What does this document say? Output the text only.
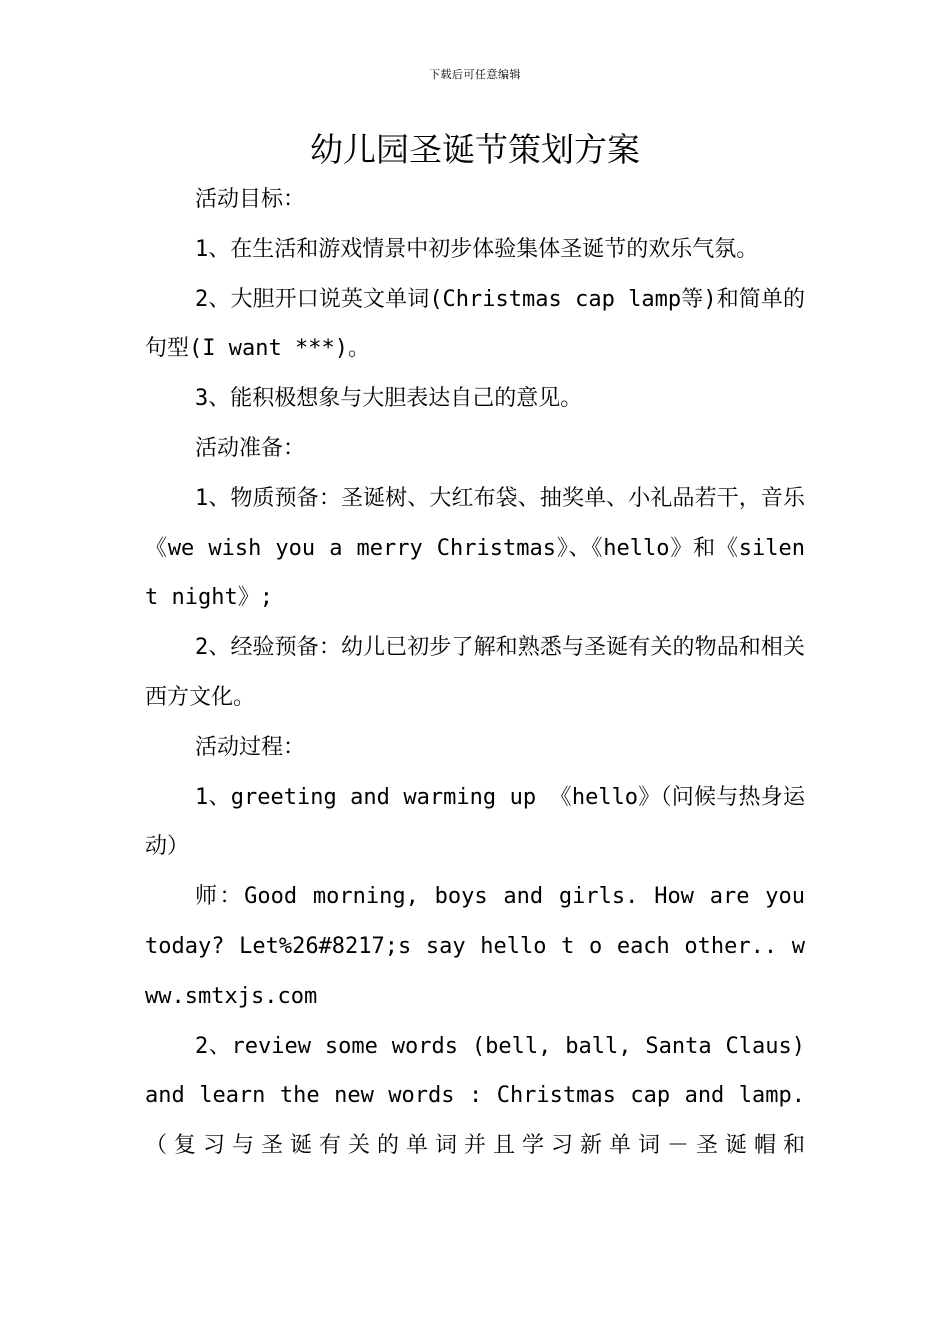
下载后可任意编辑
幼儿园圣诞节策划方案

活动目标：

1、在生活和游戏情景中初步体验集体圣诞节的欢乐气氛。

2、大胆开口说英文单词(Christmas cap lamp等)和简单的句型(I want ***)。

3、能积极想象与大胆表达自己的意见。

活动准备：

1、物质预备：圣诞树、大红布袋、抽奖单、小礼品若干，音乐《we wish you a merry Christmas》、《hello》和《silent night》;

2、经验预备：幼儿已初步了解和熟悉与圣诞有关的物品和相关西方文化。

活动过程：

1、greeting and warming up 《hello》（问候与热身运动）

师：Good morning, boys and girls. How are you today? Let%26#8217;s say hello t o each other.. www.smtxjs.com

2、review some words (bell, ball, Santa Claus) and learn the new words : Christmas cap and lamp.（复习与圣诞有关的单词并且学习新单词－圣诞帽和
